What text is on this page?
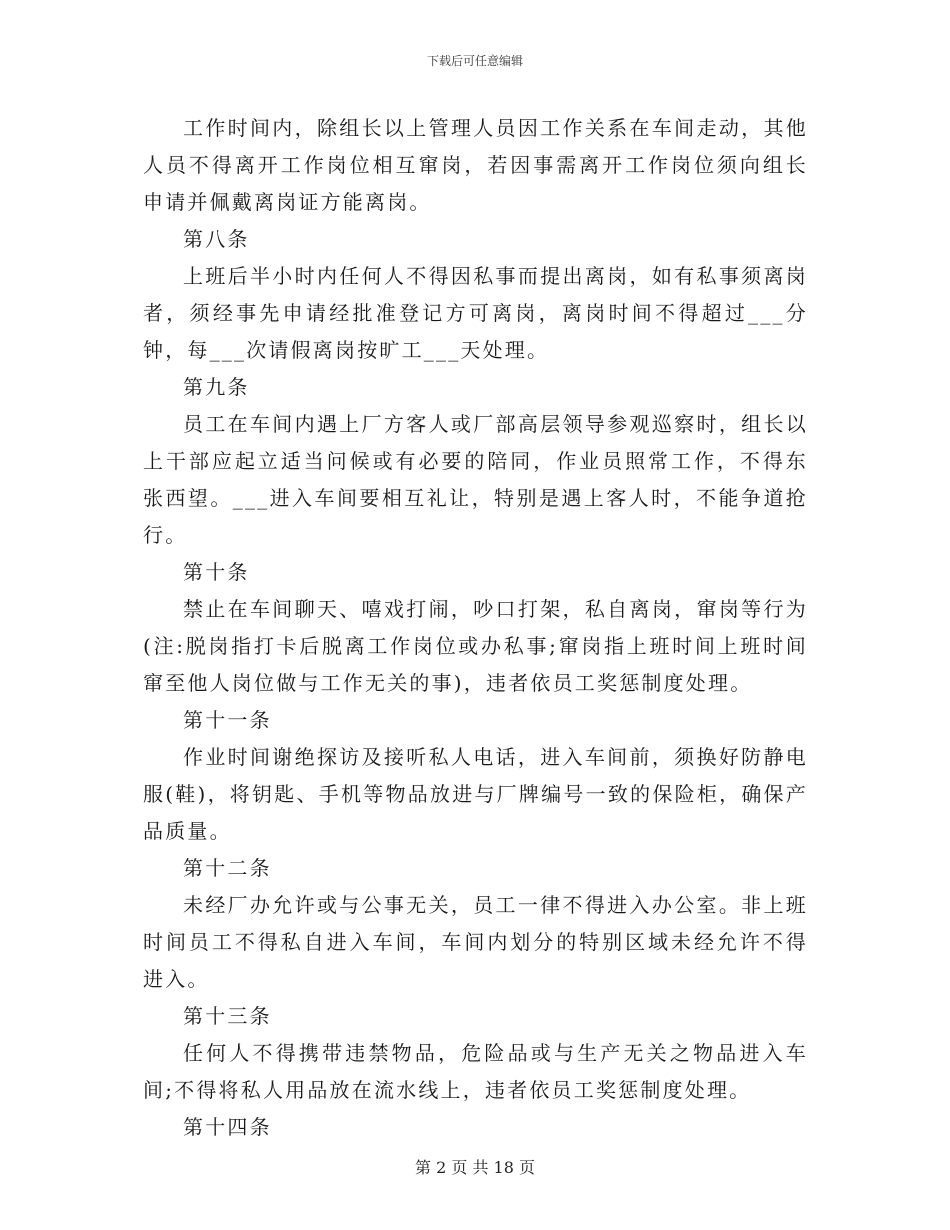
下载后可任意编辑

工作时间内，除组长以上管理人员因工作关系在车间走动，其他人员不得离开工作岗位相互窜岗，若因事需离开工作岗位须向组长申请并佩戴离岗证方能离岗。

第八条

上班后半小时内任何人不得因私事而提出离岗，如有私事须离岗者，须经事先申请经批准登记方可离岗，离岗时间不得超过___分钟，每___次请假离岗按旷工___天处理。

第九条

员工在车间内遇上厂方客人或厂部高层领导参观巡察时，组长以上干部应起立适当问候或有必要的陪同，作业员照常工作，不得东张西望。___进入车间要相互礼让，特别是遇上客人时，不能争道抢行。

第十条

禁止在车间聊天、嘻戏打闹，吵口打架，私自离岗，窜岗等行为(注:脱岗指打卡后脱离工作岗位或办私事;窜岗指上班时间上班时间窜至他人岗位做与工作无关的事)，违者依员工奖惩制度处理。

第十一条

作业时间谢绝探访及接听私人电话，进入车间前，须换好防静电服(鞋)，将钥匙、手机等物品放进与厂牌编号一致的保险柜，确保产品质量。

第十二条

未经厂办允许或与公事无关，员工一律不得进入办公室。非上班时间员工不得私自进入车间，车间内划分的特别区域未经允许不得进入。

第十三条

任何人不得携带违禁物品，危险品或与生产无关之物品进入车间;不得将私人用品放在流水线上，违者依员工奖惩制度处理。

第十四条

第 2 页 共 18 页
